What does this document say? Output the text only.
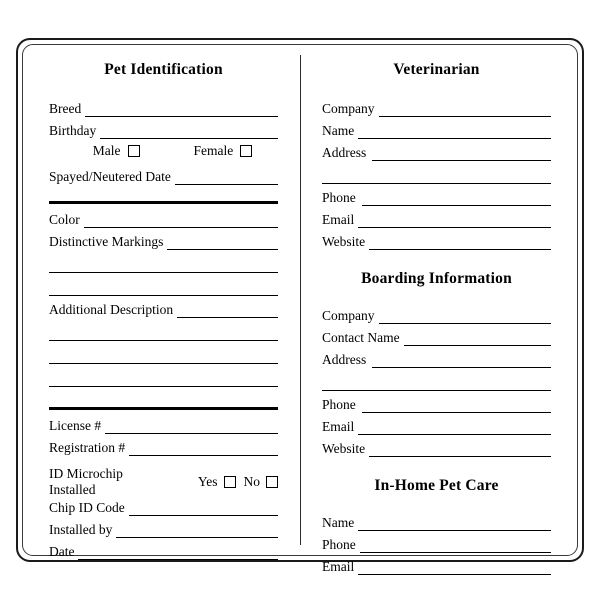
Pet Identification
Breed
Birthday
Male	Female
Spayed/Neutered Date
Color
Distinctive Markings
Additional Description
License #
Registration #
ID Microchip Installed
Yes No
Chip ID Code
Installed by
Date
Veterinarian
Company
Name
Address
Phone
Email
Website
Boarding Information
Company
Contact Name
Address
Phone
Email
Website
In-Home Pet Care
Name
Phone
Email
